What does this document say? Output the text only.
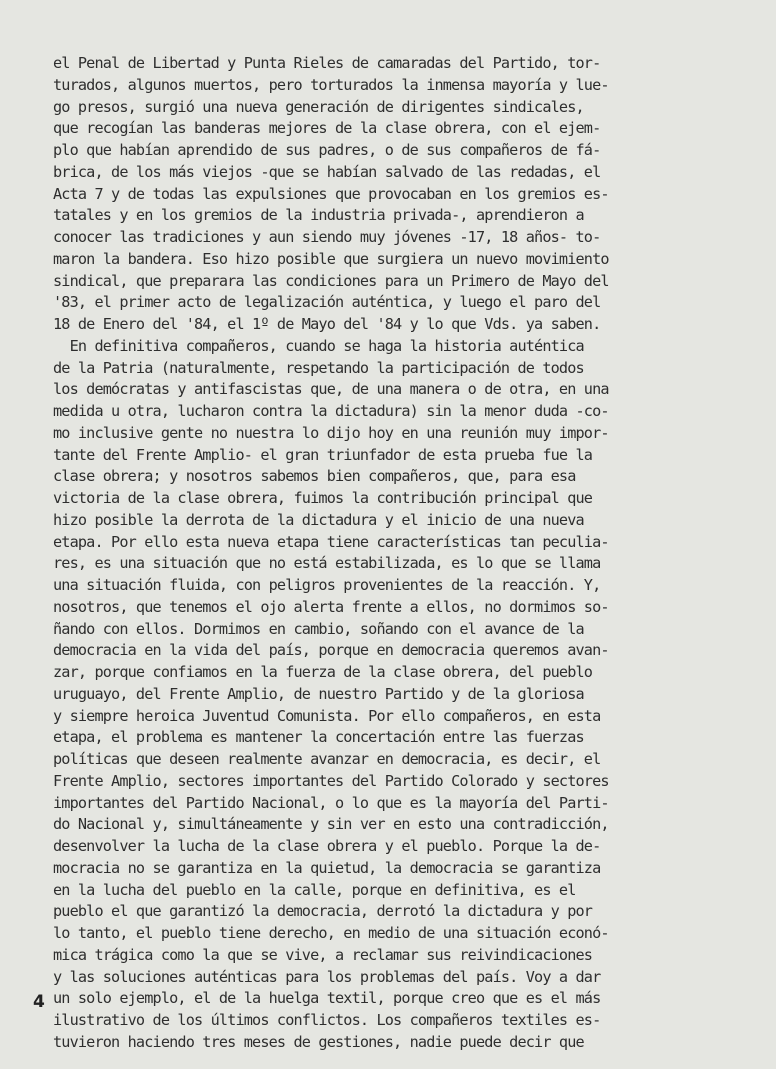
el Penal de Libertad y Punta Rieles de camaradas del Partido, tor-
turados, algunos muertos, pero torturados la inmensa mayoría y lue-
go presos, surgió una nueva generación de dirigentes sindicales,
que recogían las banderas mejores de la clase obrera, con el ejem-
plo que habían aprendido de sus padres, o de sus compañeros de fá-
brica, de los más viejos -que se habían salvado de las redadas, el
Acta 7 y de todas las expulsiones que provocaban en los gremios es-
tatales y en los gremios de la industria privada-, aprendieron a
conocer las tradiciones y aun siendo muy jóvenes -17, 18 años- to-
maron la bandera. Eso hizo posible que surgiera un nuevo movimiento
sindical, que preparara las condiciones para un Primero de Mayo del
'83, el primer acto de legalización auténtica, y luego el paro del
18 de Enero del '84, el 1º de Mayo del '84 y lo que Vds. ya saben.
En definitiva compañeros, cuando se haga la historia auténtica
de la Patria (naturalmente, respetando la participación de todos
los demócratas y antifascistas que, de una manera o de otra, en una
medida u otra, lucharon contra la dictadura) sin la menor duda -co-
mo inclusive gente no nuestra lo dijo hoy en una reunión muy impor-
tante del Frente Amplio- el gran triunfador de esta prueba fue la
clase obrera; y nosotros sabemos bien compañeros, que, para esa
victoria de la clase obrera, fuimos la contribución principal que
hizo posible la derrota de la dictadura y el inicio de una nueva
etapa. Por ello esta nueva etapa tiene características tan peculia-
res, es una situación que no está estabilizada, es lo que se llama
una situación fluida, con peligros provenientes de la reacción. Y,
nosotros, que tenemos el ojo alerta frente a ellos, no dormimos so-
ñando con ellos. Dormimos en cambio, soñando con el avance de la
democracia en la vida del país, porque en democracia queremos avan-
zar, porque confiamos en la fuerza de la clase obrera, del pueblo
uruguayo, del Frente Amplio, de nuestro Partido y de la gloriosa
y siempre heroica Juventud Comunista. Por ello compañeros, en esta
etapa, el problema es mantener la concertación entre las fuerzas
políticas que deseen realmente avanzar en democracia, es decir, el
Frente Amplio, sectores importantes del Partido Colorado y sectores
importantes del Partido Nacional, o lo que es la mayoría del Parti-
do Nacional y, simultáneamente y sin ver en esto una contradicción,
desenvolver la lucha de la clase obrera y el pueblo. Porque la de-
mocracia no se garantiza en la quietud, la democracia se garantiza
en la lucha del pueblo en la calle, porque en definitiva, es el
pueblo el que garantizó la democracia, derrotó la dictadura y por
lo tanto, el pueblo tiene derecho, en medio de una situación econó-
mica trágica como la que se vive, a reclamar sus reivindicaciones
y las soluciones auténticas para los problemas del país. Voy a dar
un solo ejemplo, el de la huelga textil, porque creo que es el más
ilustrativo de los últimos conflictos. Los compañeros textiles es-
tuvieron haciendo tres meses de gestiones, nadie puede decir que
4
